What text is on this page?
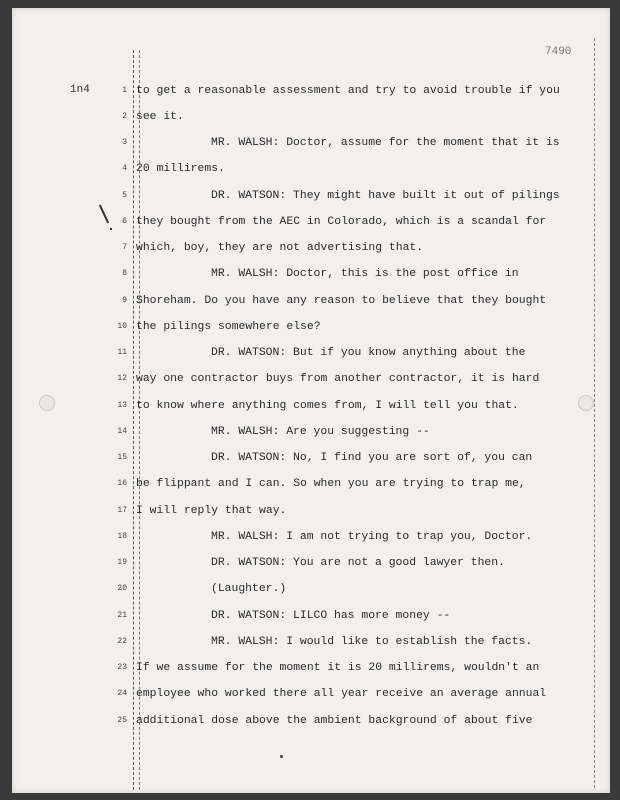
7490
1n4	1 to get a reasonable assessment and try to avoid trouble if you
2 see it.
3	MR. WALSH: Doctor, assume for the moment that it is
4 20 millirems.
5	DR. WATSON: They might have built it out of pilings
6 they bought from the AEC in Colorado, which is a scandal for
7 which, boy, they are not advertising that.
8	MR. WALSH: Doctor, this is the post office in
9 Shoreham. Do you have any reason to believe that they bought
10 the pilings somewhere else?
11	DR. WATSON: But if you know anything about the
12 way one contractor buys from another contractor, it is hard
13 to know where anything comes from, I will tell you that.
14	MR. WALSH: Are you suggesting --
15	DR. WATSON: No, I find you are sort of, you can
16 be flippant and I can. So when you are trying to trap me,
17 I will reply that way.
18	MR. WALSH: I am not trying to trap you, Doctor.
19	DR. WATSON: You are not a good lawyer then.
20	(Laughter.)
21	DR. WATSON: LILCO has more money --
22	MR. WALSH: I would like to establish the facts.
23 If we assume for the moment it is 20 millirems, wouldn't an
24 employee who worked there all year receive an average annual
25 additional dose above the ambient background of about five
